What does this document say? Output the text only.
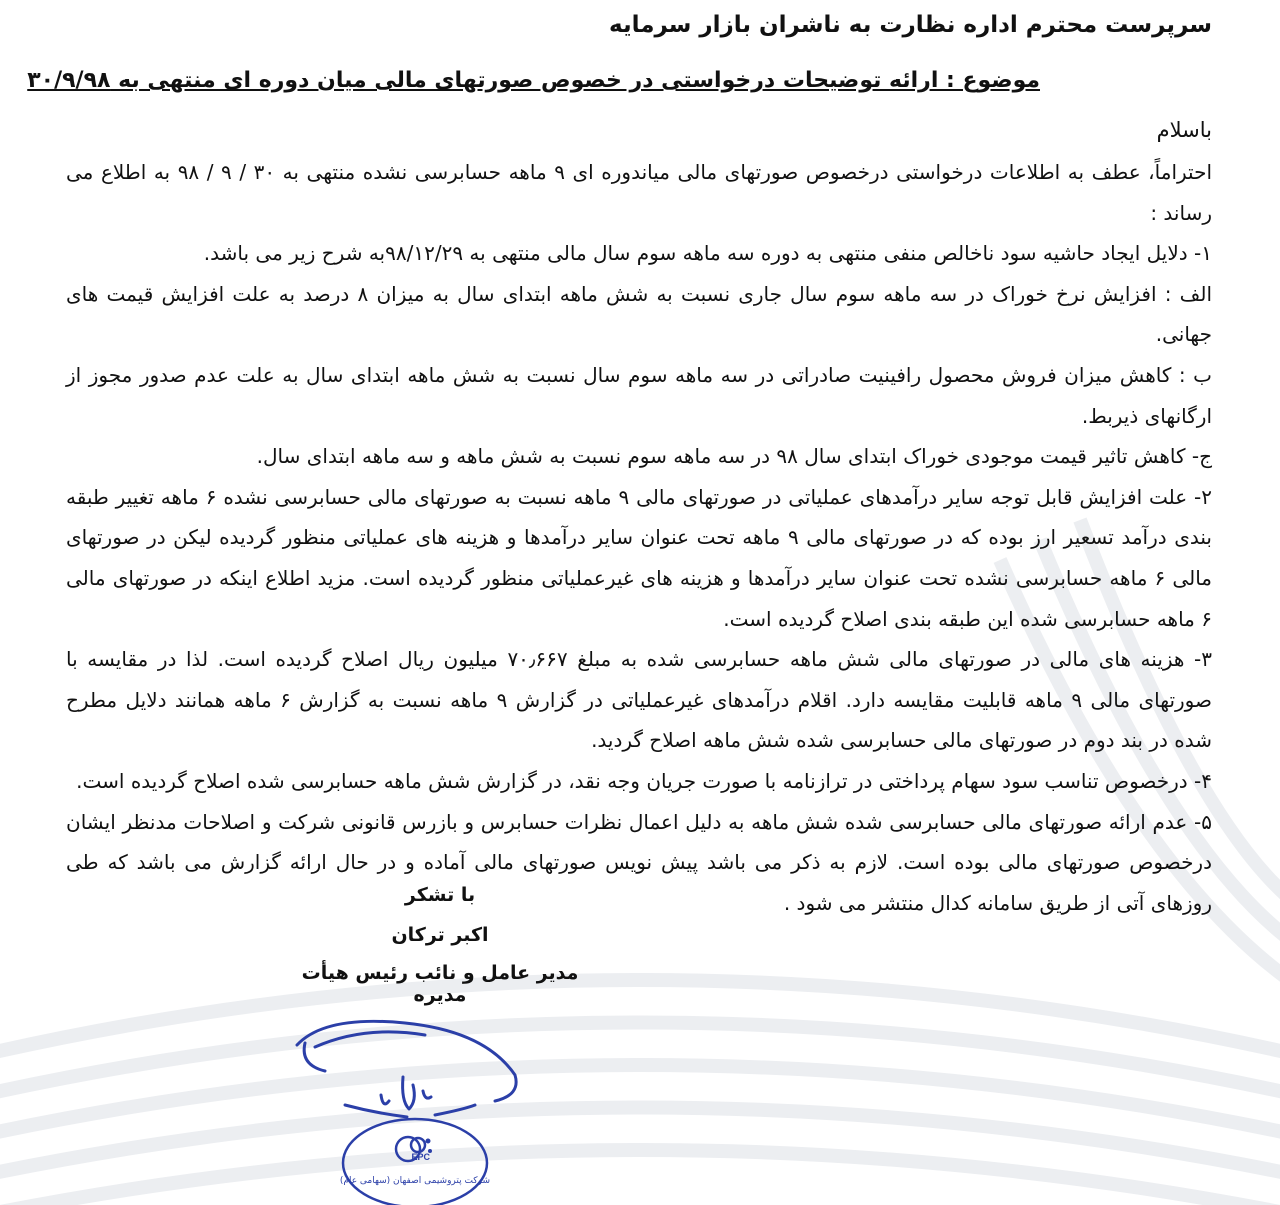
سرپرست محترم اداره نظارت به ناشران بازار سرمایه
موضوع : ارائه توضیحات درخواستی در خصوص صورتهای مالی میان دوره ای منتهی به ۳۰/۹/۹۸

باسلام

احتراماً، عطف به اطلاعات درخواستی درخصوص صورتهای مالی میاندوره ای ۹ ماهه حسابرسی نشده منتهی به ۳۰ / ۹ / ۹۸ به اطلاع می رساند :

۱- دلایل ایجاد حاشیه سود ناخالص منفی منتهی به دوره سه ماهه سوم سال مالی منتهی به ۹۸/۱۲/۲۹به شرح زیر می باشد.

الف : افزایش نرخ خوراک در سه ماهه سوم سال جاری نسبت به شش ماهه ابتدای سال به میزان ۸ درصد به علت افزایش قیمت های جهانی.

ب : کاهش میزان فروش محصول رافینیت صادراتی در سه ماهه سوم سال نسبت به شش ماهه ابتدای سال به علت عدم صدور مجوز از ارگانهای ذیربط.

ج- کاهش تاثیر قیمت موجودی خوراک ابتدای سال ۹۸ در سه ماهه سوم نسبت به شش ماهه و سه ماهه ابتدای سال.

۲- علت افزایش قابل توجه سایر درآمدهای عملیاتی در صورتهای مالی ۹ ماهه نسبت به صورتهای مالی حسابرسی نشده ۶ ماهه تغییر طبقه بندی درآمد تسعیر ارز بوده که در صورتهای مالی ۹ ماهه تحت عنوان سایر درآمدها و هزینه های عملیاتی منظور گردیده لیکن در صورتهای مالی ۶ ماهه حسابرسی نشده تحت عنوان سایر درآمدها و هزینه های غیرعملیاتی منظور گردیده است. مزید اطلاع اینکه در صورتهای مالی ۶ ماهه حسابرسی شده این طبقه بندی اصلاح گردیده است.

۳- هزینه های مالی در صورتهای مالی شش ماهه حسابرسی شده به مبلغ ۷۰٫۶۶۷ میلیون ریال اصلاح گردیده است. لذا در مقایسه با صورتهای مالی ۹ ماهه قابلیت مقایسه دارد. اقلام درآمدهای غیرعملیاتی در گزارش ۹ ماهه نسبت به گزارش ۶ ماهه همانند دلایل مطرح شده در بند دوم در صورتهای مالی حسابرسی شده شش ماهه اصلاح گردید.

۴- درخصوص تناسب سود سهام پرداختی در ترازنامه با صورت جریان وجه نقد، در گزارش شش ماهه حسابرسی شده اصلاح گردیده است.

۵- عدم ارائه صورتهای مالی حسابرسی شده شش ماهه به دلیل اعمال نظرات حسابرس و بازرس قانونی شرکت و اصلاحات مدنظر ایشان درخصوص صورتهای مالی بوده است. لازم به ذکر می باشد پیش نویس صورتهای مالی آماده و در حال ارائه گزارش می باشد که طی روزهای آتی از طریق سامانه کدال منتشر می شود .

با تشکر

اکبر ترکان

مدیر عامل و نائب رئیس هیأت مدیره

EPC
شرکت پتروشیمی اصفهان (سهامی عام)
